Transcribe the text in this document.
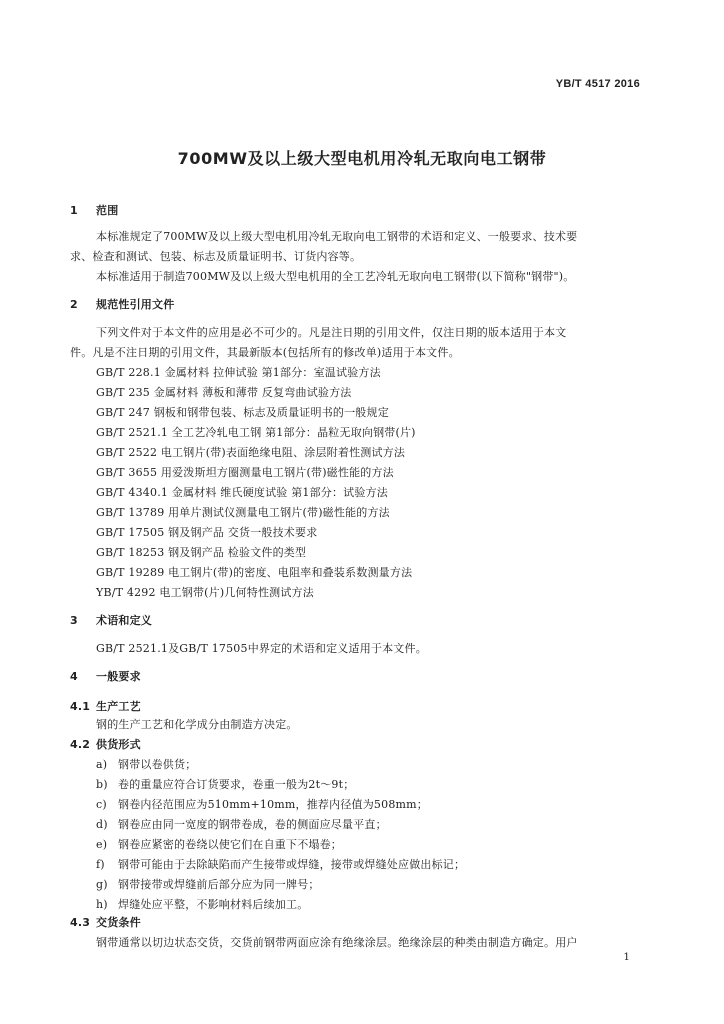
YB/T 4517 2016
700MW及以上级大型电机用冷轧无取向电工钢带
1 范围
本标准规定了700MW及以上级大型电机用冷轧无取向电工钢带的术语和定义、一般要求、技术要
求、检查和测试、包装、标志及质量证明书、订货内容等。
本标准适用于制造700MW及以上级大型电机用的全工艺冷轧无取向电工钢带(以下简称"钢带")。
2 规范性引用文件
下列文件对于本文件的应用是必不可少的。凡是注日期的引用文件，仅注日期的版本适用于本文
件。凡是不注日期的引用文件，其最新版本(包括所有的修改单)适用于本文件。
GB/T 228.1 金属材料 拉伸试验 第1部分：室温试验方法
GB/T 235 金属材料 薄板和薄带 反复弯曲试验方法
GB/T 247 钢板和钢带包装、标志及质量证明书的一般规定
GB/T 2521.1 全工艺冷轧电工钢 第1部分：晶粒无取向钢带(片)
GB/T 2522 电工钢片(带)表面绝缘电阻、涂层附着性测试方法
GB/T 3655 用爱泼斯坦方圈测量电工钢片(带)磁性能的方法
GB/T 4340.1 金属材料 维氏硬度试验 第1部分：试验方法
GB/T 13789 用单片测试仪测量电工钢片(带)磁性能的方法
GB/T 17505 钢及钢产品 交货一般技术要求
GB/T 18253 钢及钢产品 检验文件的类型
GB/T 19289 电工钢片(带)的密度、电阻率和叠装系数测量方法
YB/T 4292 电工钢带(片)几何特性测试方法
3 术语和定义
GB/T 2521.1及GB/T 17505中界定的术语和定义适用于本文件。
4 一般要求
4.1 生产工艺
钢的生产工艺和化学成分由制造方决定。
4.2 供货形式
a) 钢带以卷供货；
b) 卷的重量应符合订货要求，卷重一般为2t～9t；
c) 钢卷内径范围应为510mm+10mm，推荐内径值为508mm；
d) 钢卷应由同一宽度的钢带卷成，卷的侧面应尽量平直；
e) 钢卷应紧密的卷绕以使它们在自重下不塌卷；
f) 钢带可能由于去除缺陷而产生接带或焊缝，接带或焊缝处应做出标记；
g) 钢带接带或焊缝前后部分应为同一牌号；
h) 焊缝处应平整，不影响材料后续加工。
4.3 交货条件
钢带通常以切边状态交货，交货前钢带两面应涂有绝缘涂层。绝缘涂层的种类由制造方确定。用户
1
